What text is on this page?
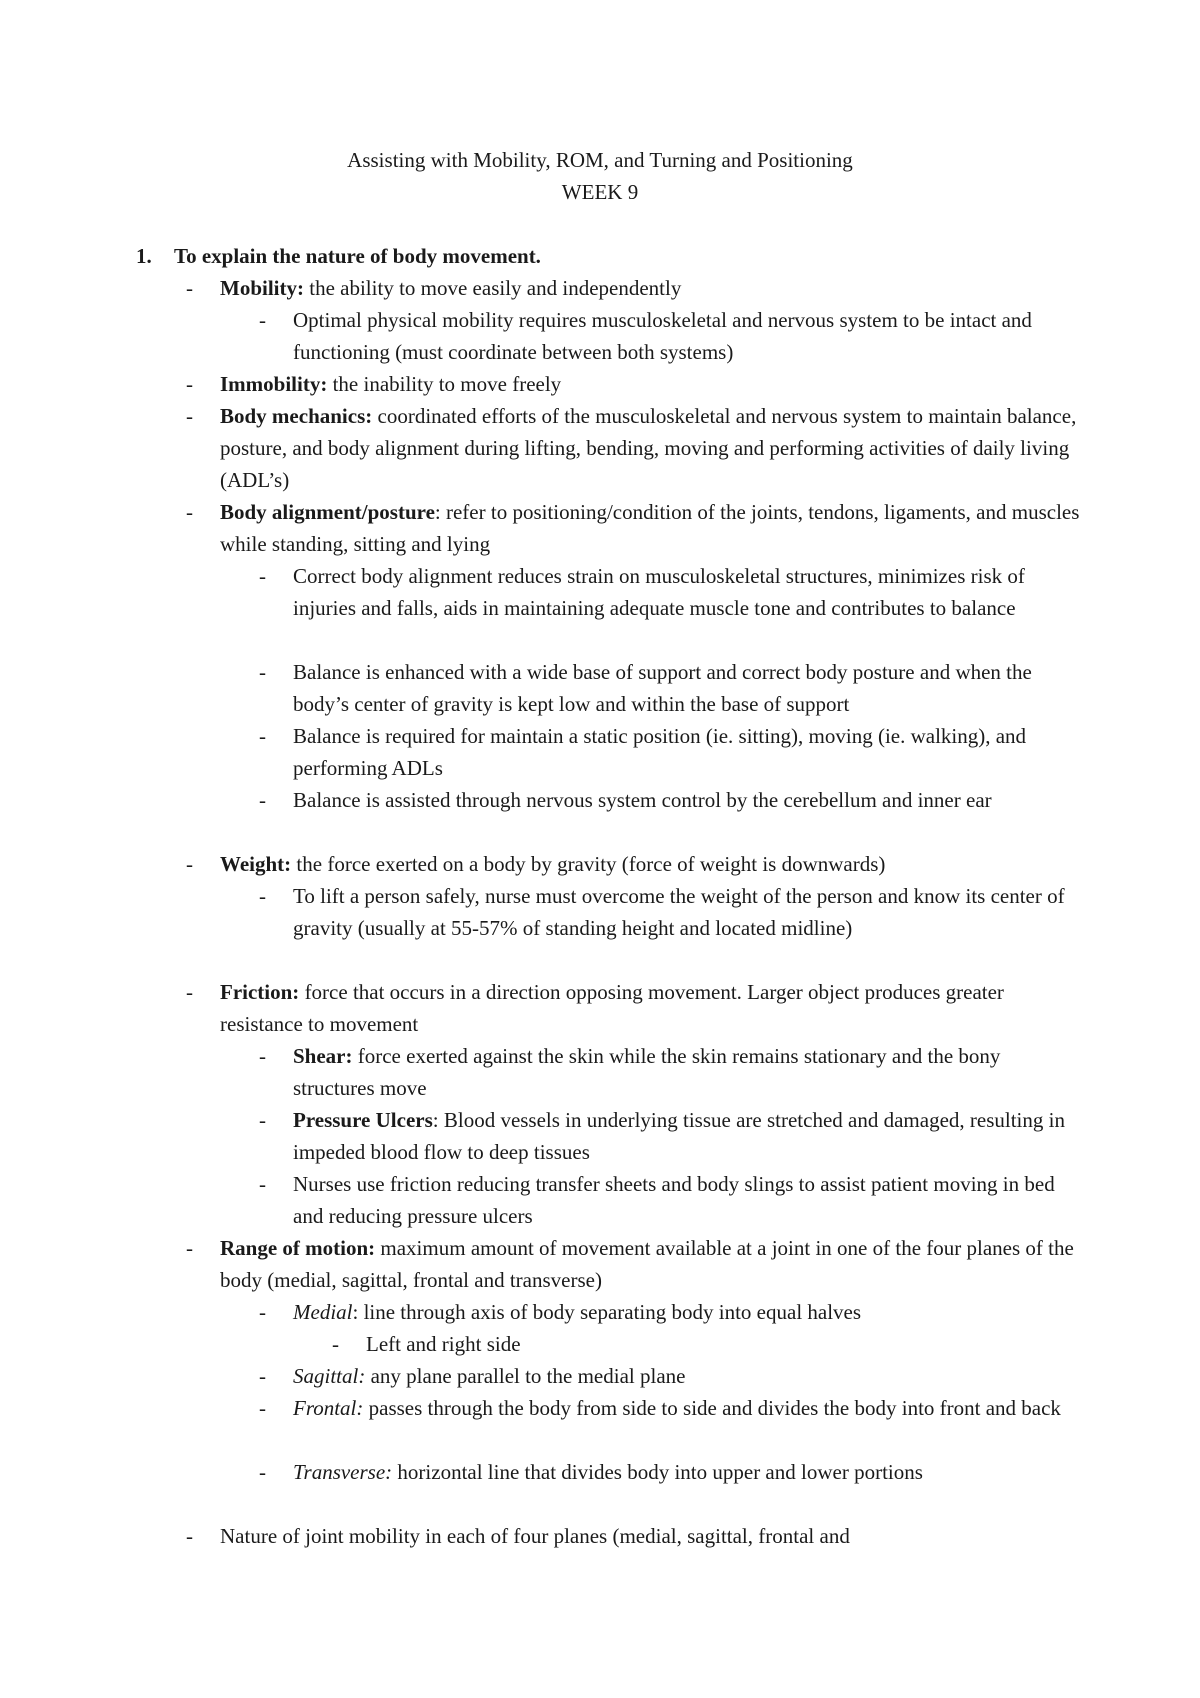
Assisting with Mobility, ROM, and Turning and Positioning
WEEK 9
1. To explain the nature of body movement.
- Mobility: the ability to move easily and independently
- Optimal physical mobility requires musculoskeletal and nervous system to be intact and functioning (must coordinate between both systems)
- Immobility: the inability to move freely
- Body mechanics: coordinated efforts of the musculoskeletal and nervous system to maintain balance, posture, and body alignment during lifting, bending, moving and performing activities of daily living (ADL’s)
- Body alignment/posture: refer to positioning/condition of the joints, tendons, ligaments, and muscles while standing, sitting and lying
- Correct body alignment reduces strain on musculoskeletal structures, minimizes risk of injuries and falls, aids in maintaining adequate muscle tone and contributes to balance
- Balance is enhanced with a wide base of support and correct body posture and when the body’s center of gravity is kept low and within the base of support
- Balance is required for maintain a static position (ie. sitting), moving (ie. walking), and performing ADLs
- Balance is assisted through nervous system control by the cerebellum and inner ear
- Weight: the force exerted on a body by gravity (force of weight is downwards)
- To lift a person safely, nurse must overcome the weight of the person and know its center of gravity (usually at 55-57% of standing height and located midline)
- Friction: force that occurs in a direction opposing movement. Larger object produces greater resistance to movement
- Shear: force exerted against the skin while the skin remains stationary and the bony structures move
- Pressure Ulcers: Blood vessels in underlying tissue are stretched and damaged, resulting in impeded blood flow to deep tissues
- Nurses use friction reducing transfer sheets and body slings to assist patient moving in bed and reducing pressure ulcers
- Range of motion: maximum amount of movement available at a joint in one of the four planes of the body (medial, sagittal, frontal and transverse)
- Medial: line through axis of body separating body into equal halves
- Left and right side
- Sagittal: any plane parallel to the medial plane
- Frontal: passes through the body from side to side and divides the body into front and back
- Transverse: horizontal line that divides body into upper and lower portions
- Nature of joint mobility in each of four planes (medial, sagittal, frontal and
